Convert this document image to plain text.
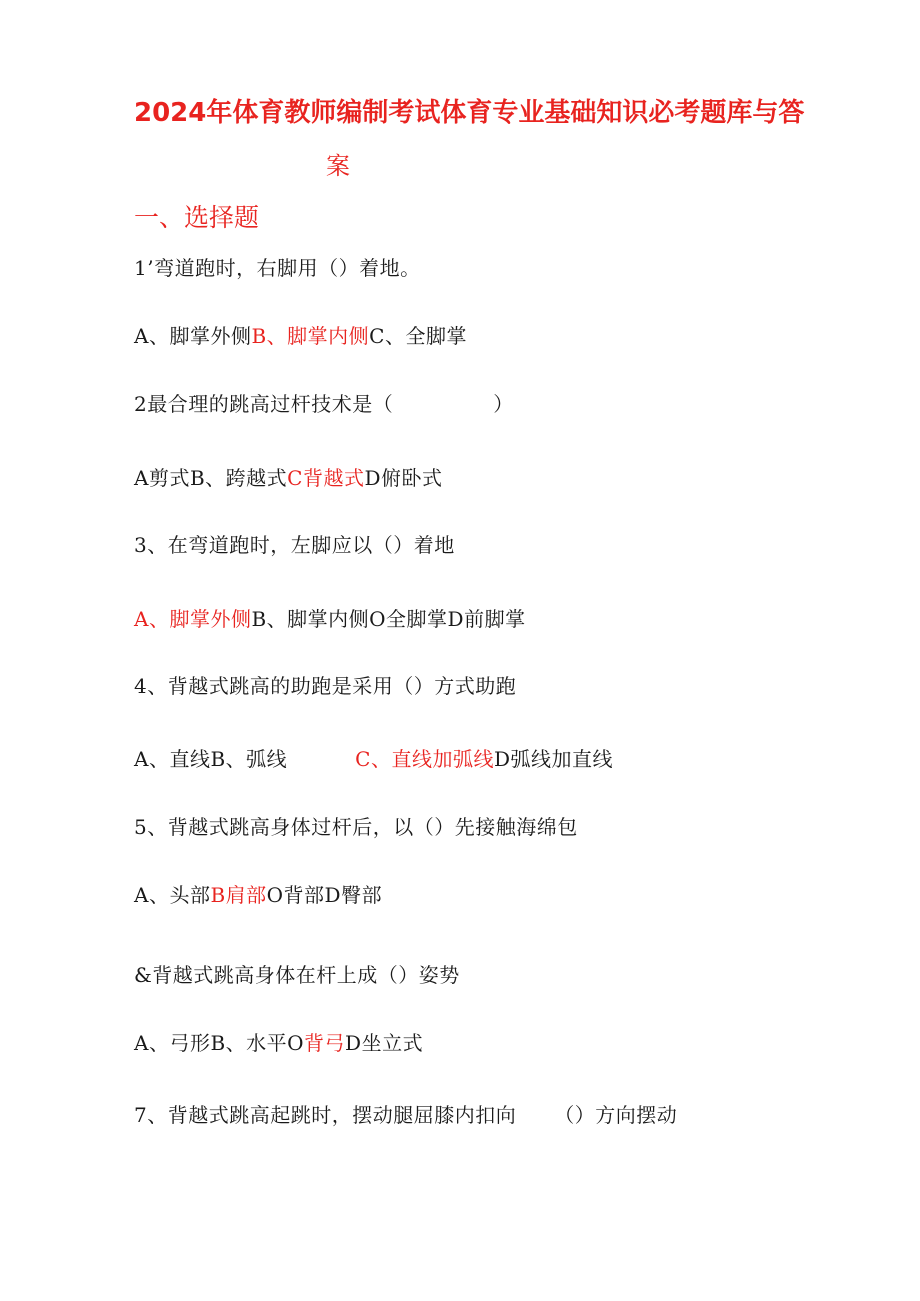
2024年体育教师编制考试体育专业基础知识必考题库与答
案
一、选择题
1’弯道跑时，右脚用（）着地。
A、脚掌外侧B、脚掌内侧C、全脚掌
2最合理的跳高过杆技术是（	）
A剪式B、跨越式C背越式D俯卧式
3、在弯道跑时，左脚应以（）着地
A、脚掌外侧B、脚掌内侧O全脚掌D前脚掌
4、背越式跳高的助跑是采用（）方式助跑
A、直线B、弧线	C、直线加弧线D弧线加直线
5、背越式跳高身体过杆后，以（）先接触海绵包
A、头部B肩部O背部D臀部
&背越式跳高身体在杆上成（）姿势
A、弓形B、水平O背弓D坐立式
7、背越式跳高起跳时，摆动腿屈膝内扣向 （）方向摆动
